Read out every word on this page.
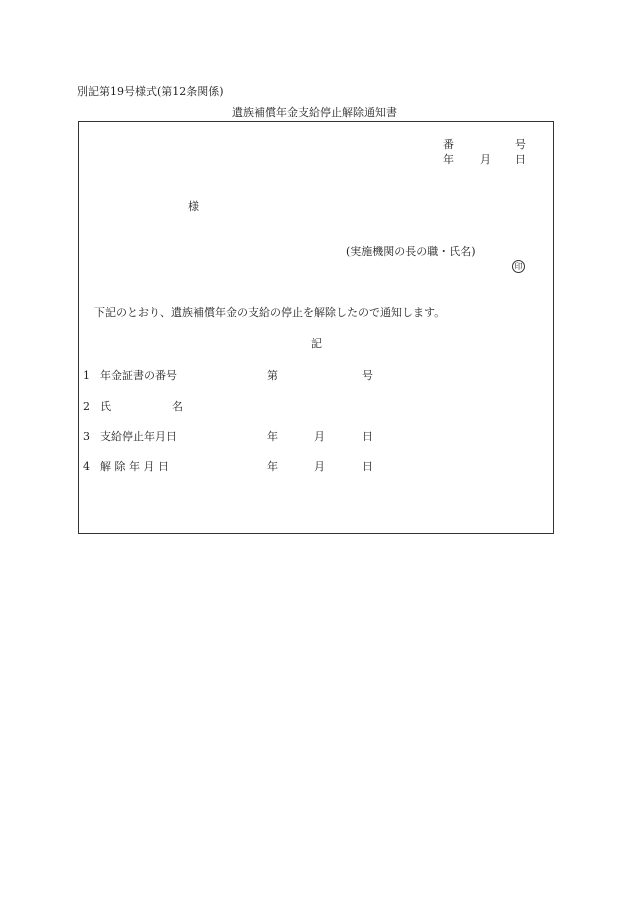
別記第19号様式(第12条関係)
遺族補償年金支給停止解除通知書
番	号
年 月 日
様
(実施機関の長の職・氏名)
印
下記のとおり、遺族補償年金の支給の停止を解除したので通知します。
記
1 年金証書の番号	第	号
2 氏	名
3 支給停止年月日	年	月	日
4 解 除 年 月 日	年	月	日
